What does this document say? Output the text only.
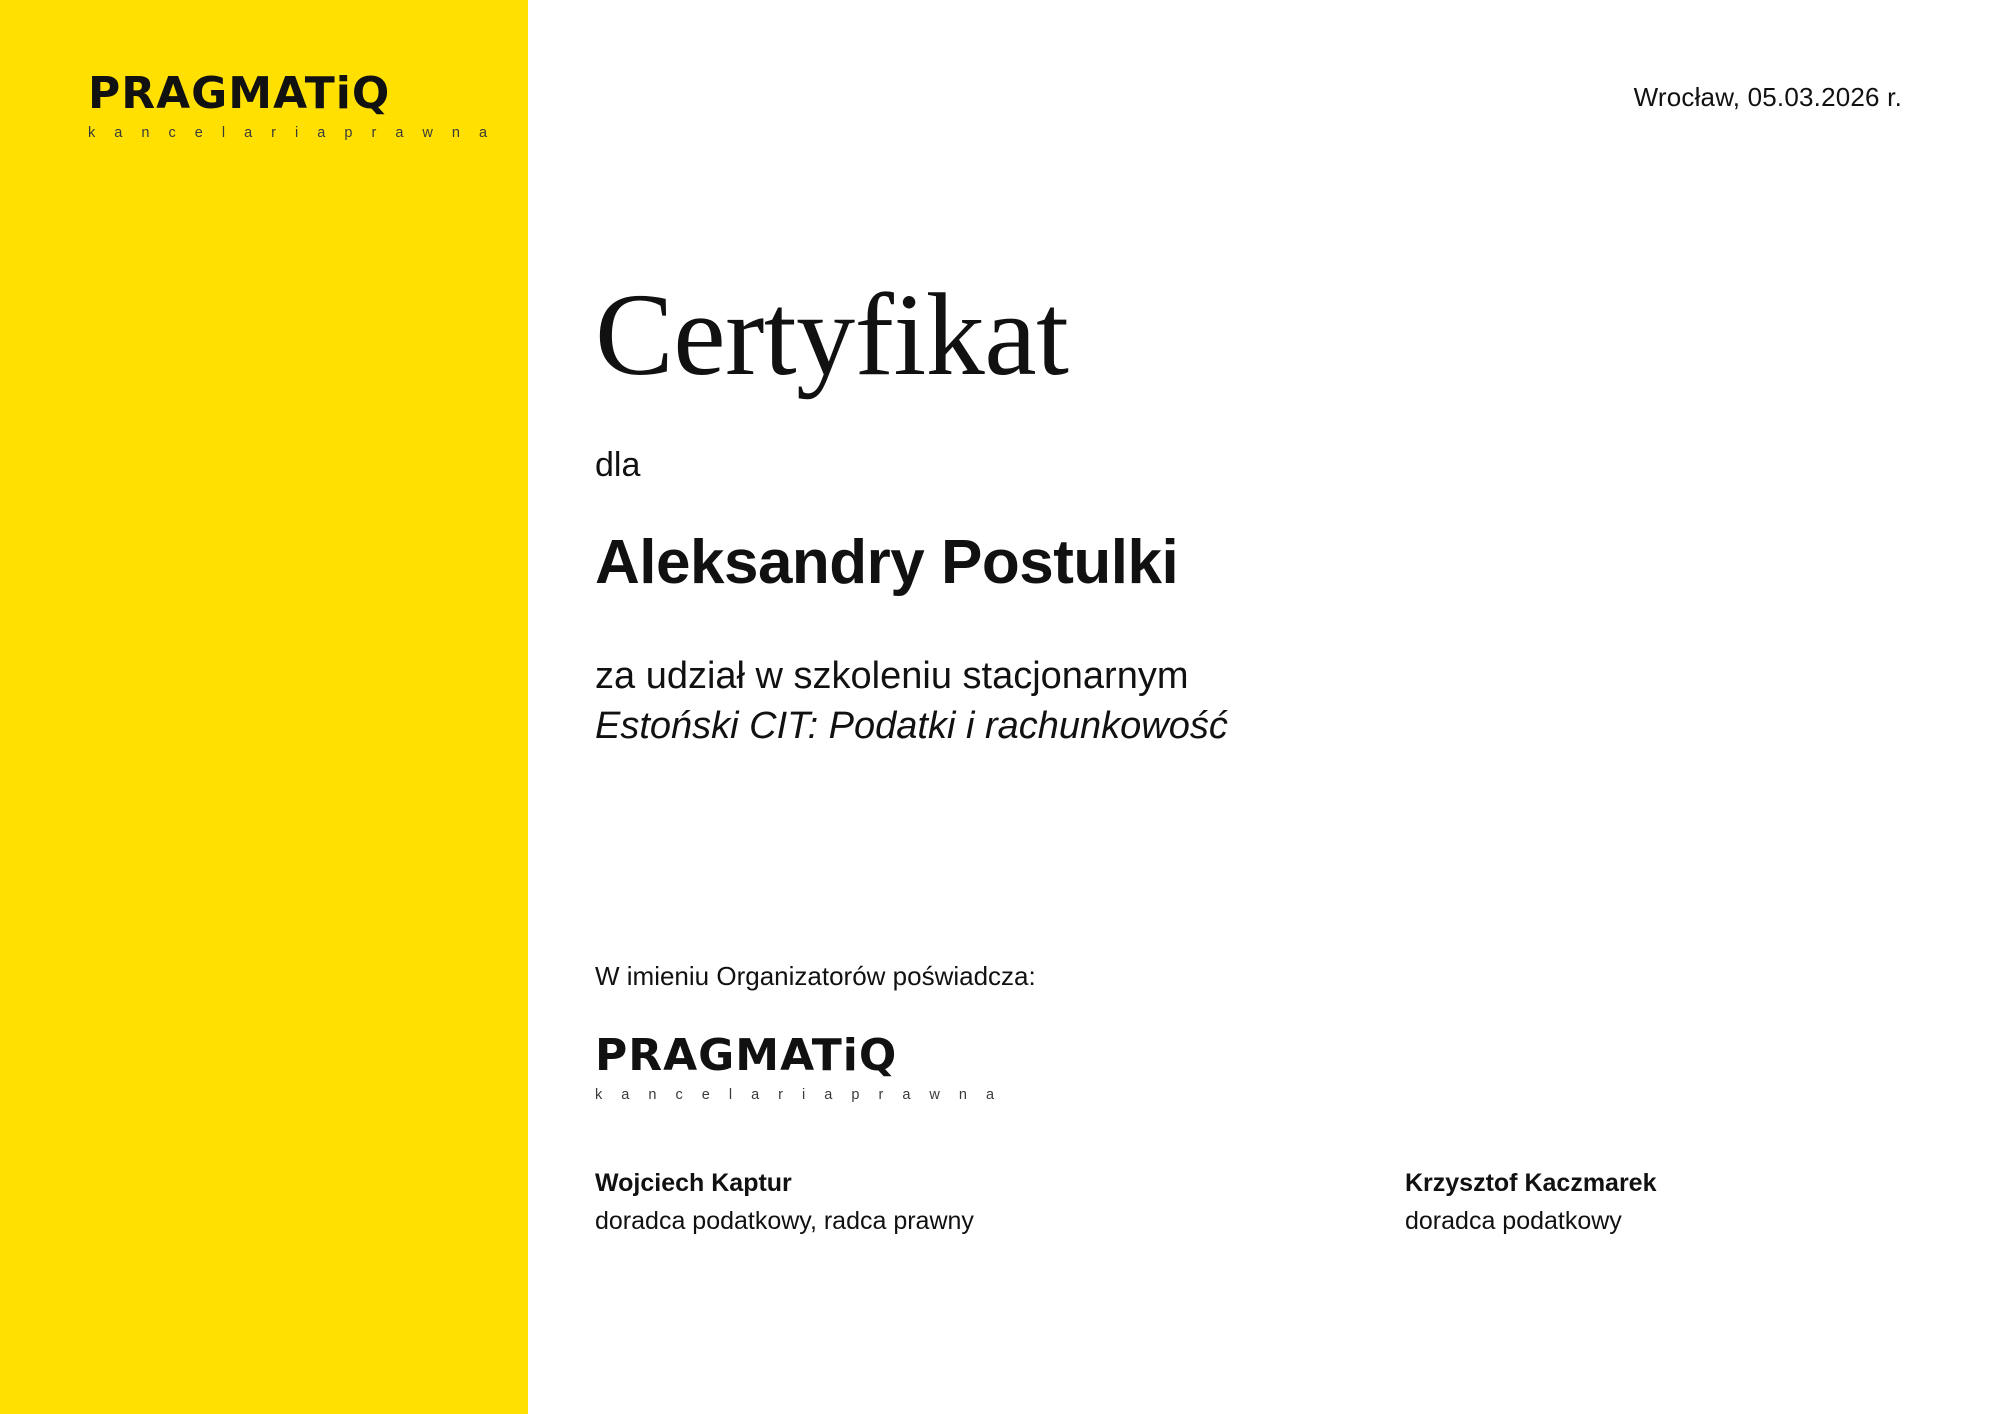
PRAGMATiQ
k a n c e l a r i a p r a w n a
Wrocław, 05.03.2026 r.
Certyfikat
dla
Aleksandry Postulki
za udział w szkoleniu stacjonarnym
Estoński CIT: Podatki i rachunkowość
W imieniu Organizatorów poświadcza:
PRAGMATiQ
k a n c e l a r i a p r a w n a
Wojciech Kaptur
doradca podatkowy, radca prawny
Krzysztof Kaczmarek
doradca podatkowy
